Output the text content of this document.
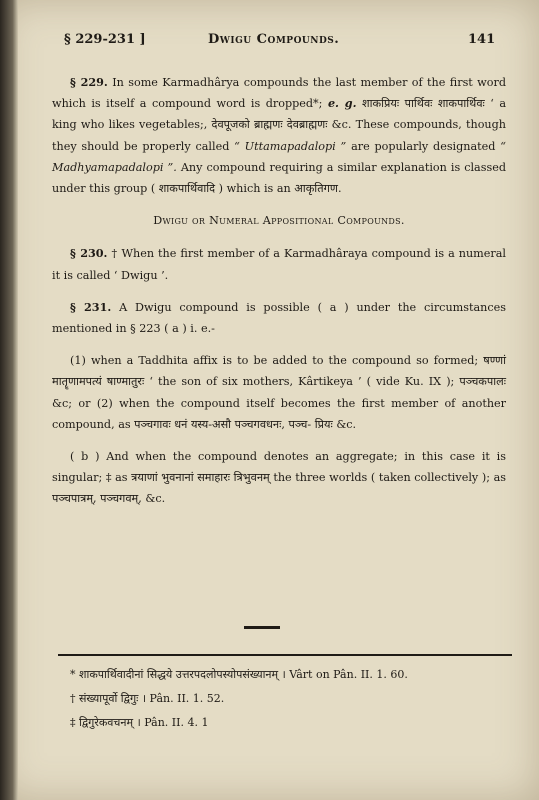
§ 229-231 ]	Dwigu Compounds.	141

§ 229. In some Karmadhârya compounds the last member of the first word which is itself a compound word is dropped*; e. g. शाकप्रियः पार्थिवः शाकपार्थिवः ‘ a king who likes vegetables;, देवपूजको ब्राह्मणः देवब्राह्मणः &c. These compounds, though they should be properly called “ Uttamapadalopi ” are popularly designated “ Madhyamapadalopi ”. Any compound requiring a similar explanation is classed under this group ( शाकपार्थिवादि ) which is an आकृतिगण.

Dwigu or Numeral Appositional Compounds.

§ 230. † When the first member of a Karmadhâraya compound is a numeral it is called ‘ Dwigu ’.

§ 231. A Dwigu compound is possible ( a ) under the circumstances mentioned in § 223 ( a ) i. e.-

(1) when a Taddhita affix is to be added to the compound so formed; षण्णां मातॄणामपत्यं षाण्मातुरः ‘ the son of six mothers, Kârtikeya ’ ( vide Ku. IX ); पञ्चकपालः &c; or (2) when the compound itself becomes the first member of another compound, as पञ्चगावः धनं यस्य-असौ पञ्चगवधनः, पञ्च- प्रियः &c.

( b ) And when the compound denotes an aggregate; in this case it is singular; ‡ as त्रयाणां भुवनानां समाहारः त्रिभुवनम् the three worlds ( taken collectively ); as पञ्चपात्रम्, पञ्चगवम्, &c.

* शाकपार्थिवादीनां सिद्धये उत्तरपदलोपस्योपसंख्यानम् । Vârt on Pân. II. 1. 60.

† संख्यापूर्वो द्विगुः । Pân. II. 1. 52.

‡ द्विगुरेकवचनम् । Pân. II. 4. 1
